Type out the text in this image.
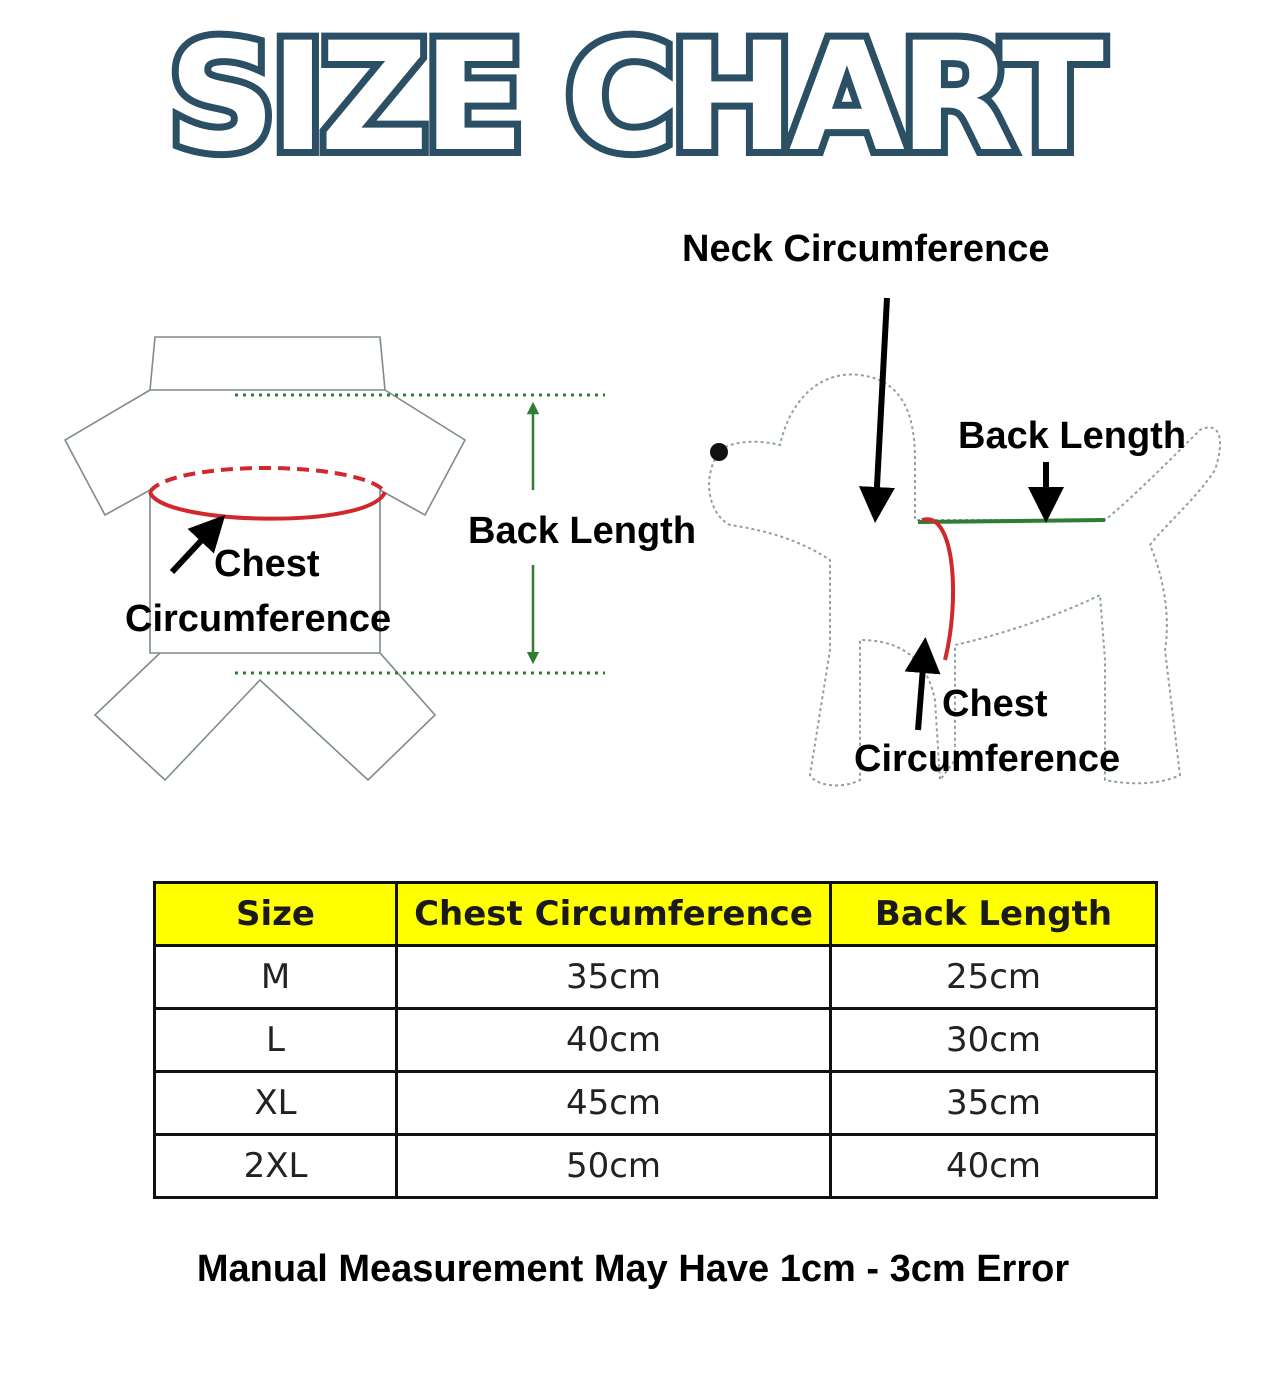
SIZE CHART
Neck Circumference
Back Length
Back Length
Chest
Circumference
Chest
Circumference
Size	Chest Circumference	Back Length
M	35cm	25cm
L	40cm	30cm
XL	45cm	35cm
2XL	50cm	40cm
Manual Measurement May Have 1cm - 3cm Error
